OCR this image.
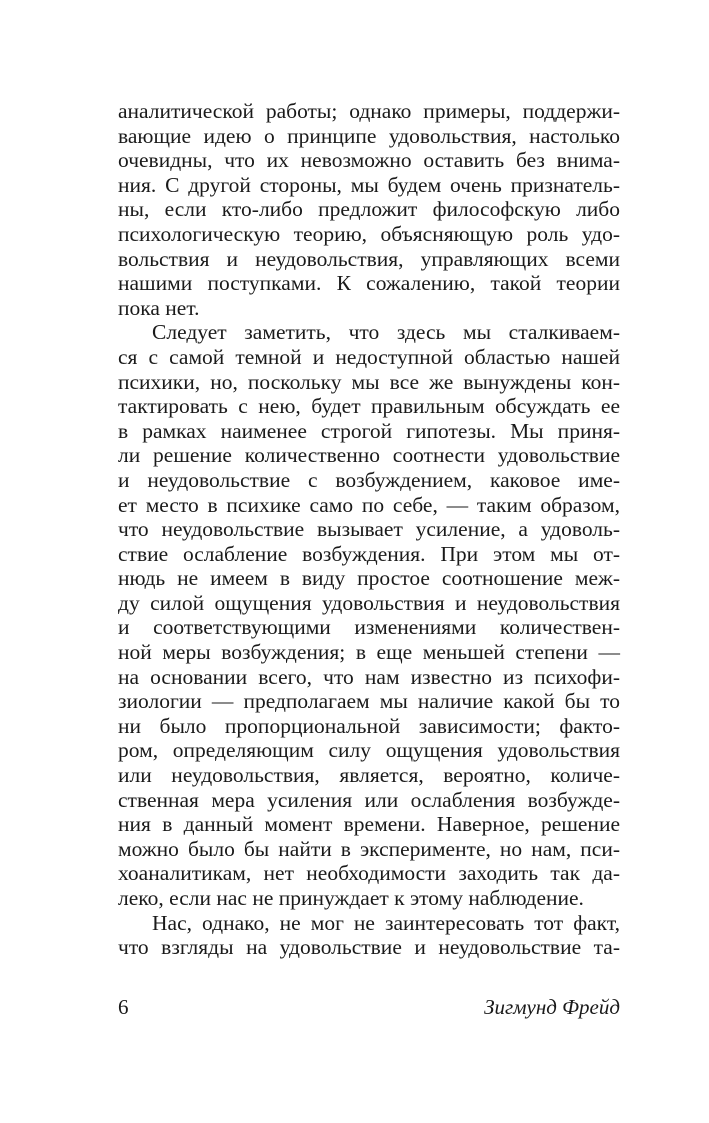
аналитической работы; однако примеры, поддержи-
вающие идею о принципе удовольствия, настолько
очевидны, что их невозможно оставить без внима-
ния. С другой стороны, мы будем очень признатель-
ны, если кто-либо предложит философскую либо
психологическую теорию, объясняющую роль удо-
вольствия и неудовольствия, управляющих всеми
нашими поступками. К сожалению, такой теории
пока нет.
Следует заметить, что здесь мы сталкиваем-
ся с самой темной и недоступной областью нашей
психики, но, поскольку мы все же вынуждены кон-
тактировать с нею, будет правильным обсуждать ее
в рамках наименее строгой гипотезы. Мы приня-
ли решение количественно соотнести удовольствие
и неудовольствие с возбуждением, каковое име-
ет место в психике само по себе, — таким образом,
что неудовольствие вызывает усиление, а удоволь-
ствие ослабление возбуждения. При этом мы от-
нюдь не имеем в виду простое соотношение меж-
ду силой ощущения удовольствия и неудовольствия
и соответствующими изменениями количествен-
ной меры возбуждения; в еще меньшей степени —
на основании всего, что нам известно из психофи-
зиологии — предполагаем мы наличие какой бы то
ни было пропорциональной зависимости; факто-
ром, определяющим силу ощущения удовольствия
или неудовольствия, является, вероятно, количе-
ственная мера усиления или ослабления возбужде-
ния в данный момент времени. Наверное, решение
можно было бы найти в эксперименте, но нам, пси-
хоаналитикам, нет необходимости заходить так да-
леко, если нас не принуждает к этому наблюдение.
Нас, однако, не мог не заинтересовать тот факт,
что взгляды на удовольствие и неудовольствие та-
6	Зигмунд Фрейд
